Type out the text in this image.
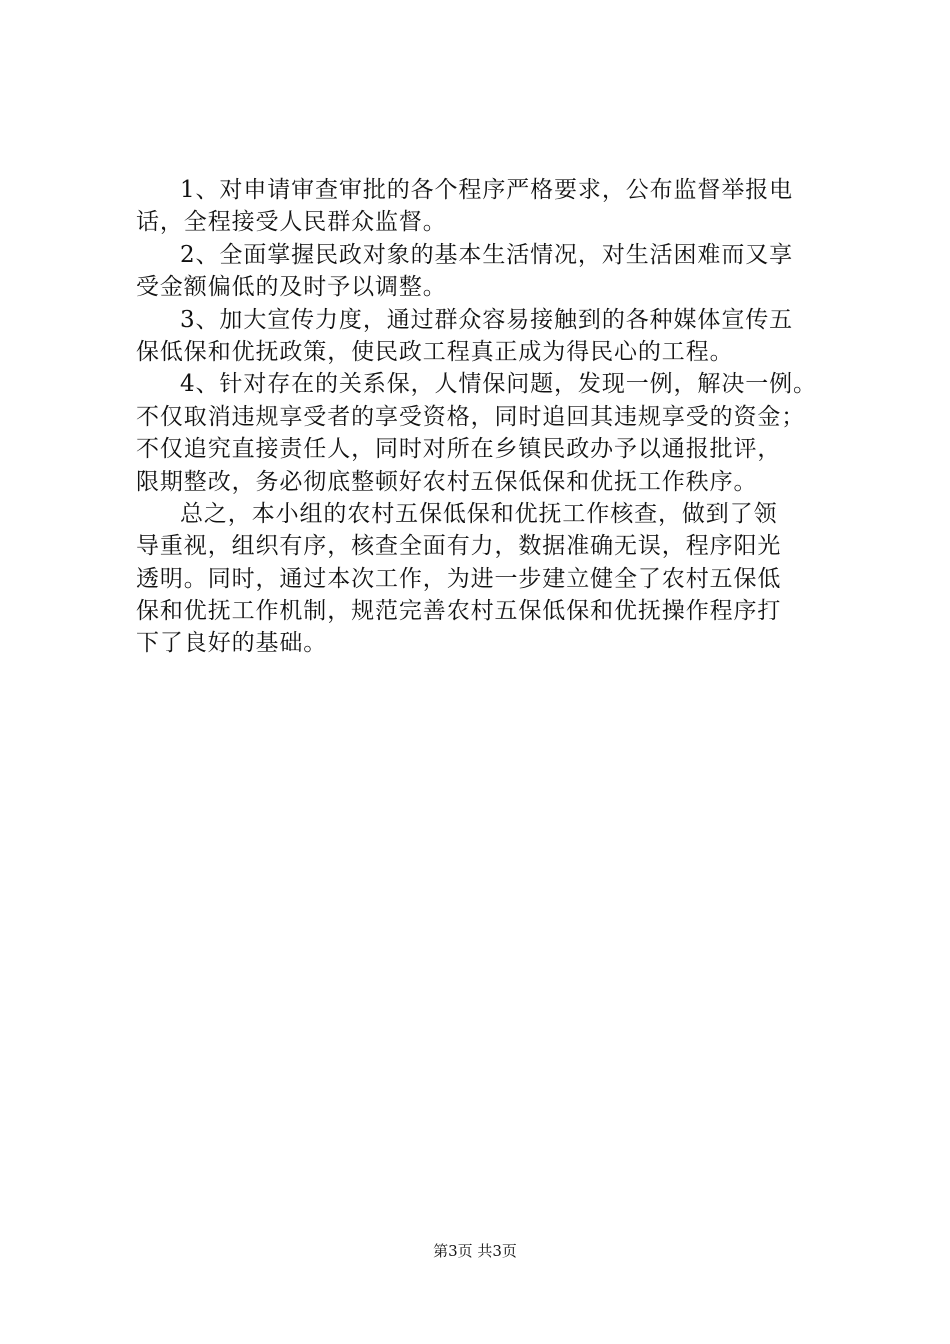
1、对申请审查审批的各个程序严格要求，公布监督举报电
话，全程接受人民群众监督。
2、全面掌握民政对象的基本生活情况，对生活困难而又享
受金额偏低的及时予以调整。
3、加大宣传力度，通过群众容易接触到的各种媒体宣传五
保低保和优抚政策，使民政工程真正成为得民心的工程。
4、针对存在的关系保，人情保问题，发现一例，解决一例。
不仅取消违规享受者的享受资格，同时追回其违规享受的资金；
不仅追究直接责任人，同时对所在乡镇民政办予以通报批评，
限期整改，务必彻底整顿好农村五保低保和优抚工作秩序。
总之，本小组的农村五保低保和优抚工作核查，做到了领
导重视，组织有序，核查全面有力，数据准确无误，程序阳光
透明。同时，通过本次工作，为进一步建立健全了农村五保低
保和优抚工作机制，规范完善农村五保低保和优抚操作程序打
下了良好的基础。
第3页 共3页
